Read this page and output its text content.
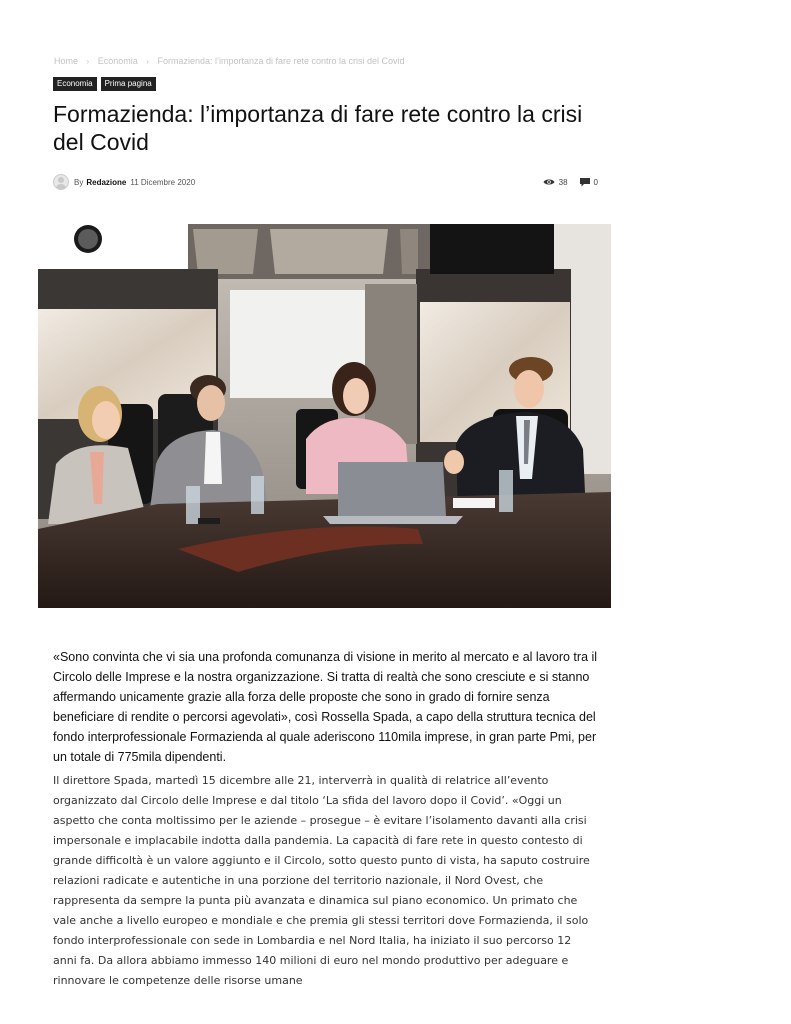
Home › Economia › Formazienda: l’importanza di fare rete contro la crisi del Covid
Economia	Prima pagina
Formazienda: l’importanza di fare rete contro la crisi del Covid
By Redazione 11 Dicembre 2020	38	0

«Sono convinta che vi sia una profonda comunanza di visione in merito al mercato e al lavoro tra il Circolo delle Imprese e la nostra organizzazione. Si tratta di realtà che sono cresciute e si stanno affermando unicamente grazie alla forza delle proposte che sono in grado di fornire senza beneficiare di rendite o percorsi agevolati», così Rossella Spada, a capo della struttura tecnica del fondo interprofessionale Formazienda al quale aderiscono 110mila imprese, in gran parte Pmi, per un totale di 775mila dipendenti.

Il direttore Spada, martedì 15 dicembre alle 21, interverrà in qualità di relatrice all’evento organizzato dal Circolo delle Imprese e dal titolo ‘La sfida del lavoro dopo il Covid’. «Oggi un aspetto che conta moltissimo per le aziende – prosegue – è evitare l’isolamento davanti alla crisi impersonale e implacabile indotta dalla pandemia. La capacità di fare rete in questo contesto di grande difficoltà è un valore aggiunto e il Circolo, sotto questo punto di vista, ha saputo costruire relazioni radicate e autentiche in una porzione del territorio nazionale, il Nord Ovest, che rappresenta da sempre la punta più avanzata e dinamica sul piano economico. Un primato che vale anche a livello europeo e mondiale e che premia gli stessi territori dove Formazienda, il solo fondo interprofessionale con sede in Lombardia e nel Nord Italia, ha iniziato il suo percorso 12 anni fa. Da allora abbiamo immesso 140 milioni di euro nel mondo produttivo per adeguare e rinnovare le competenze delle risorse umane
